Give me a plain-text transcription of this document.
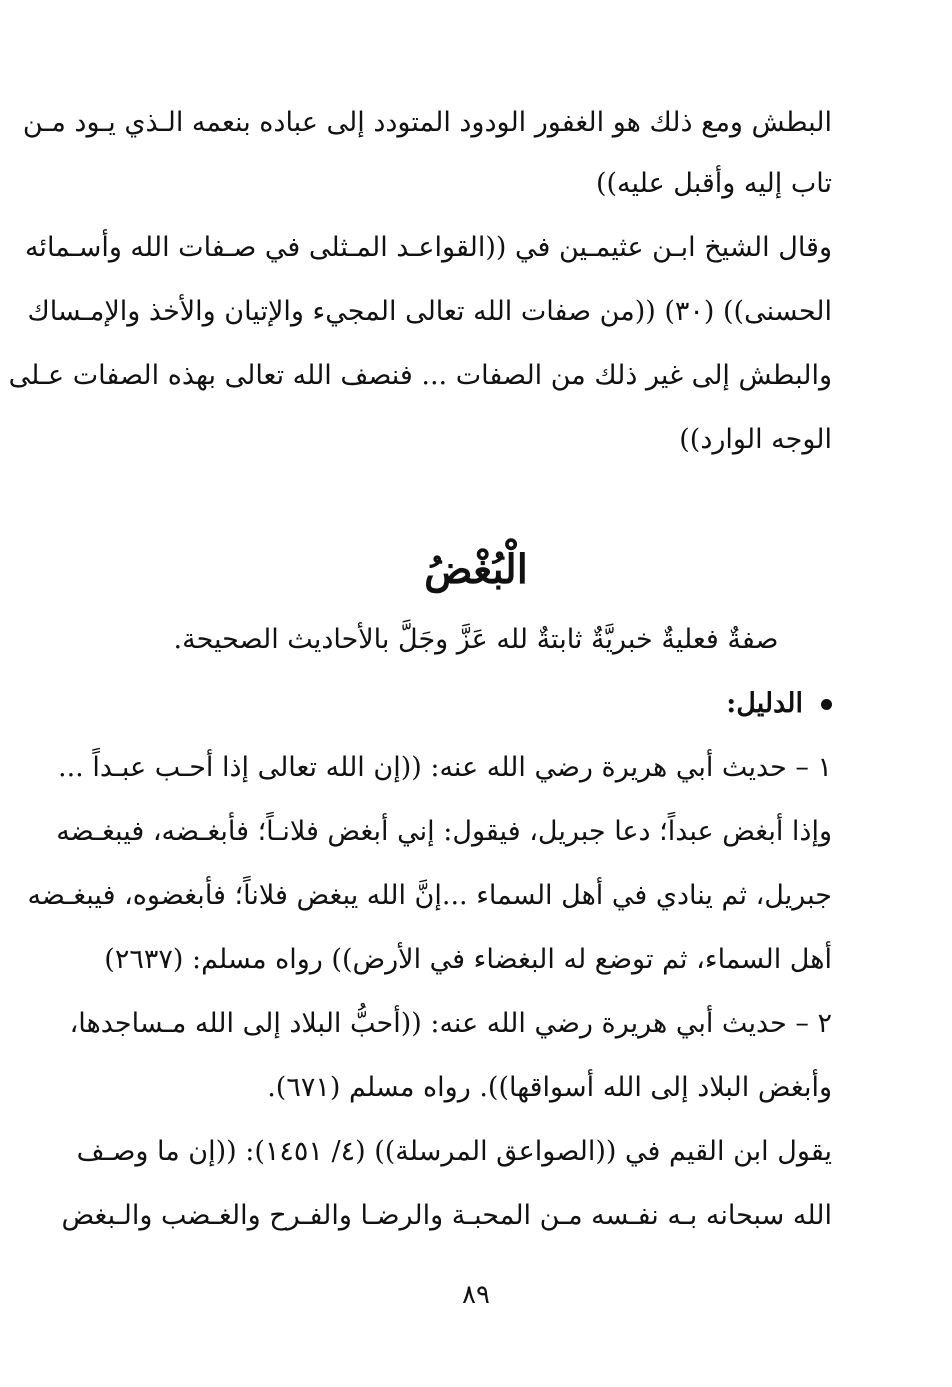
البطش ومع ذلك هو الغفور الودود المتودد إلى عباده بنعمه الـذي يـود مـن
تاب إليه وأقبل عليه))
وقال الشيخ ابـن عثيمـين في ((القواعـد المـثلى في صـفات الله وأسـمائه
الحسنى)) (٣٠) ((من صفات الله تعالى المجيء والإتيان والأخذ والإمـساك
والبطش إلى غير ذلك من الصفات ... فنصف الله تعالى بهذه الصفات عـلى
الوجه الوارد))
الْبُغْضُ
صفةٌ فعليةٌ خبريَّةٌ ثابتةٌ لله عَزَّ وجَلَّ بالأحاديث الصحيحة.
الدليل:
١ – حديث أبي هريرة رضي الله عنه: ((إن الله تعالى إذا أحـب عبـداً ...
وإذا أبغض عبداً؛ دعا جبريل، فيقول: إني أبغض فلانـاً؛ فأبغـضه، فيبغـضه
جبريل، ثم ينادي في أهل السماء ...إنَّ الله يبغض فلاناً؛ فأبغضوه، فيبغـضه
أهل السماء، ثم توضع له البغضاء في الأرض)) رواه مسلم: (٢٦٣٧)
٢ – حديث أبي هريرة رضي الله عنه: ((أحبُّ البلاد إلى الله مـساجدها،
وأبغض البلاد إلى الله أسواقها)). رواه مسلم (٦٧١).
يقول ابن القيم في ((الصواعق المرسلة)) (٤/ ١٤٥١): ((إن ما وصـف
الله سبحانه بـه نفـسه مـن المحبـة والرضـا والفـرح والغـضب والـبغض
٨٩
